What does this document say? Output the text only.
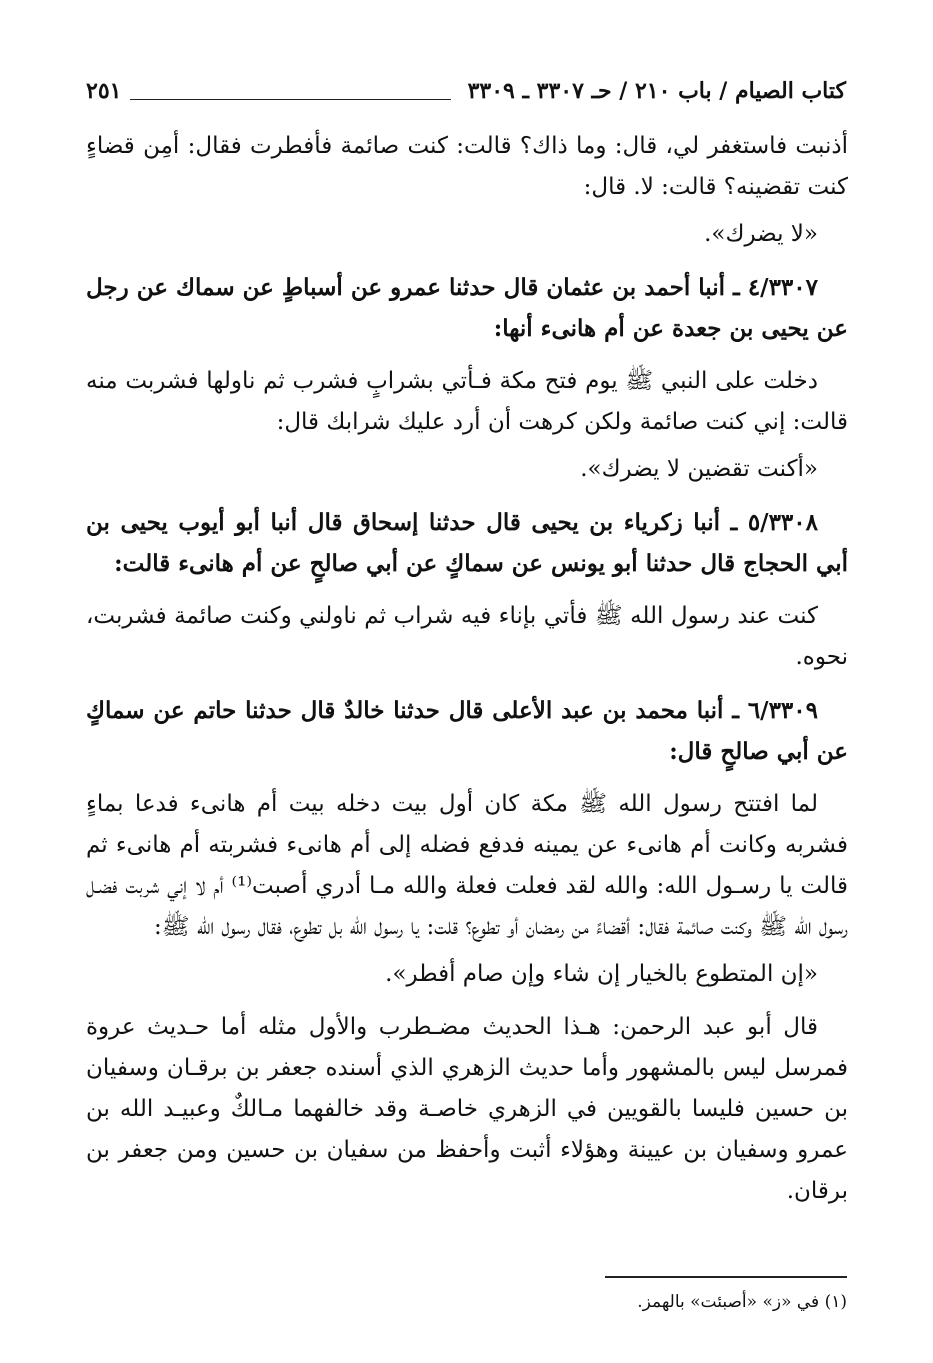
كتاب الصيام / باب ٢١٠ / حـ ٣٣٠٧ ـ ٣٣٠٩
٢٥١

أذنبت فاستغفر لي، قال: وما ذاك؟ قالت: كنت صائمة فأفطرت فقال: أمِن قضاءٍ كنت تقضينه؟ قالت: لا. قال:

«لا يضرك».

٤/٣٣٠٧ ـ أنبا أحمد بن عثمان قال حدثنا عمرو عن أسباطٍ عن سماك عن رجل عن يحيى بن جعدة عن أم هانىء أنها:

دخلت على النبي ﷺ يوم فتح مكة فـأتي بشرابٍ فشرب ثم ناولها فشربت منه قالت: إني كنت صائمة ولكن كرهت أن أرد عليك شرابك قال:

«أكنت تقضين لا يضرك».

٥/٣٣٠٨ ـ أنبا زكرياء بن يحيى قال حدثنا إسحاق قال أنبا أبو أيوب يحيى بن أبي الحجاج قال حدثنا أبو يونس عن سماكٍ عن أبي صالحٍ عن أم هانىء قالت:

كنت عند رسول الله ﷺ فأتي بإناء فيه شراب ثم ناولني وكنت صائمة فشربت، نحوه.

٦/٣٣٠٩ ـ أنبا محمد بن عبد الأعلى قال حدثنا خالدٌ قال حدثنا حاتم عن سماكٍ عن أبي صالحٍ قال:

لما افتتح رسول الله ﷺ مكة كان أول بيت دخله بيت أم هانىء فدعا بماءٍ فشربه وكانت أم هانىء عن يمينه فدفع فضله إلى أم هانىء فشربته أم هانىء ثم قالت يا رسـول الله: والله لقد فعلت فعلة والله مـا أدري أصبت⁽¹⁾ أم لا إني شربت فضـل رسول الله ﷺ وكنت صائمة فقال: أقضاءً من رمضان أو تطوع؟ قلت: يا رسول الله بل تطوع، فقال رسول الله ﷺ:

«إن المتطوع بالخيار إن شاء وإن صام أفطر».

قال أبو عبد الرحمن: هـذا الحديث مضـطرب والأول مثله أما حـديث عروة فمرسل ليس بالمشهور وأما حديث الزهري الذي أسنده جعفر بن برقـان وسفيان بن حسين فليسا بالقويين في الزهري خاصـة وقد خالفهما مـالكٌ وعبيـد الله بن عمرو وسفيان بن عيينة وهؤلاء أثبت وأحفظ من سفيان بن حسين ومن جعفر بن برقان.

(١) في «ز» «أصبئت» بالهمز.
